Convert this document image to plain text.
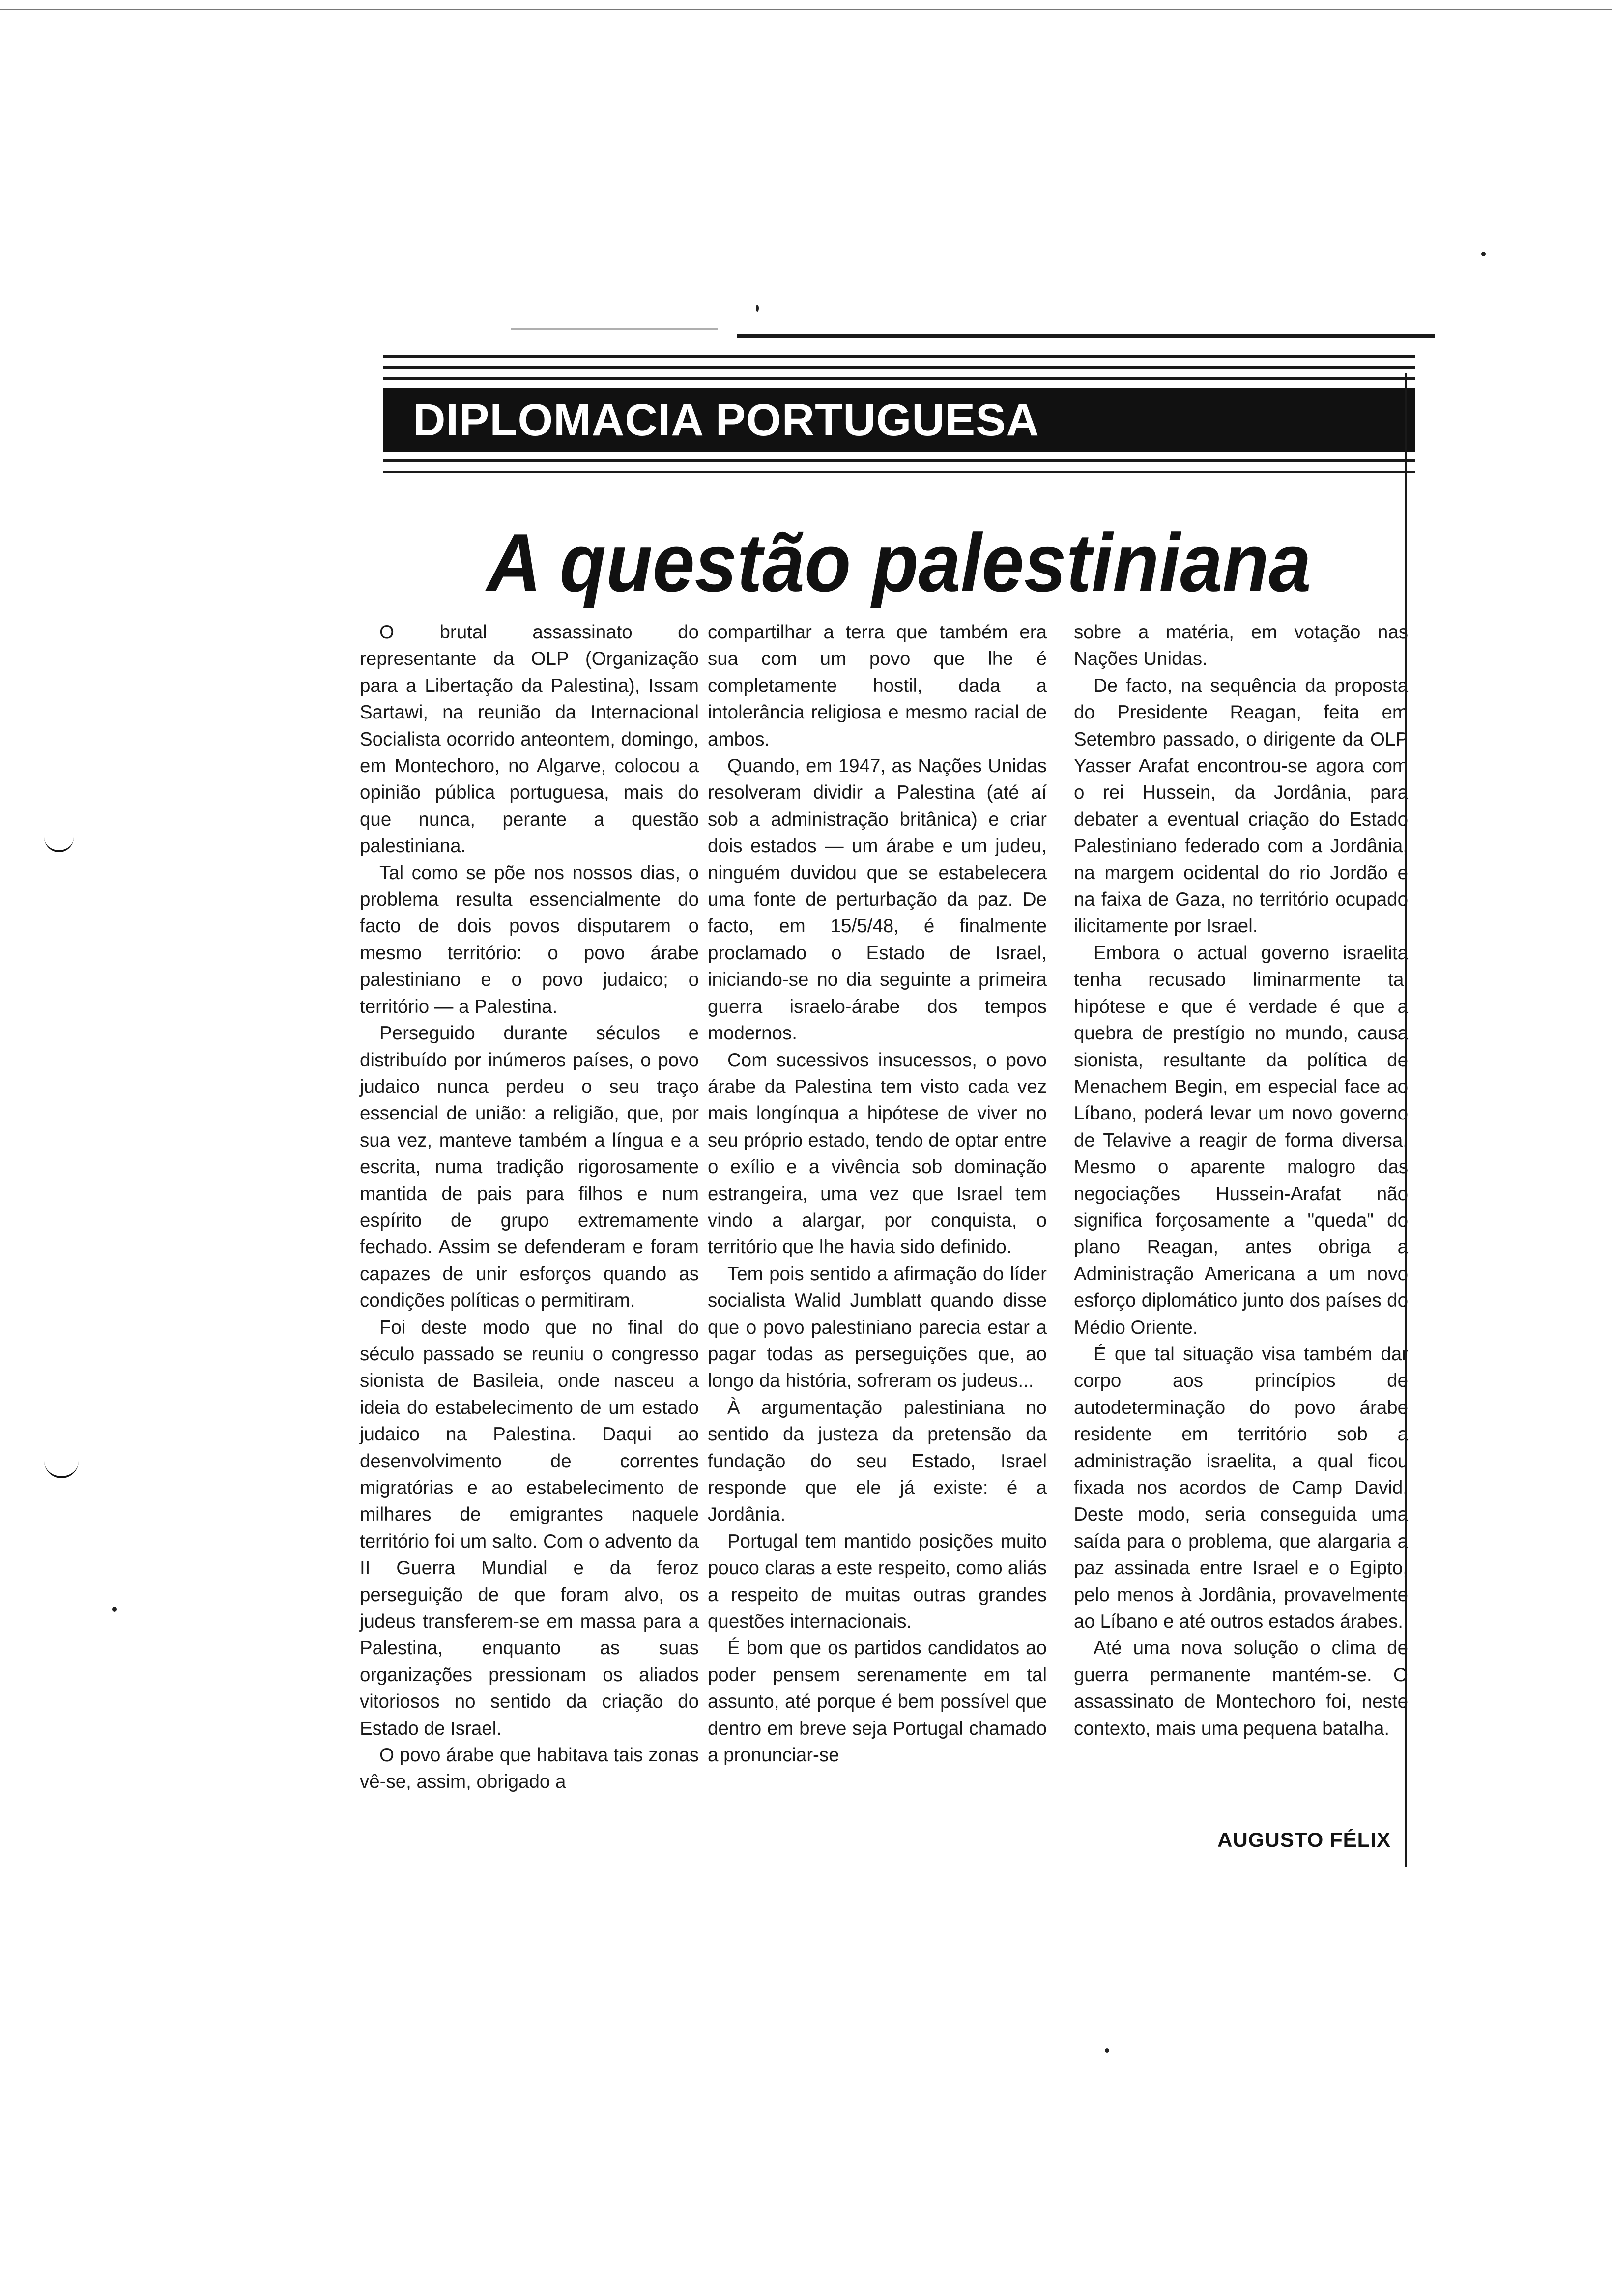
DIPLOMACIA PORTUGUESA
A questão palestiniana

O brutal assassinato do representante da OLP (Organização para a Libertação da Palestina), Issam Sartawi, na reunião da Internacional Socialista ocorrido anteontem, domingo, em Montechoro, no Algarve, colocou a opinião pública portuguesa, mais do que nunca, perante a questão palestiniana.

Tal como se põe nos nossos dias, o problema resulta essencialmente do facto de dois povos disputarem o mesmo território: o povo árabe palestiniano e o povo judaico; o território — a Palestina.

Perseguido durante séculos e distribuído por inúmeros países, o povo judaico nunca perdeu o seu traço essencial de união: a religião, que, por sua vez, manteve também a língua e a escrita, numa tradição rigorosamente mantida de pais para filhos e num espírito de grupo extremamente fechado. Assim se defenderam e foram capazes de unir esforços quando as condições políticas o permitiram.

Foi deste modo que no final do século passado se reuniu o congresso sionista de Basileia, onde nasceu a ideia do estabelecimento de um estado judaico na Palestina. Daqui ao desenvolvimento de correntes migratórias e ao estabelecimento de milhares de emigrantes naquele território foi um salto. Com o advento da II Guerra Mundial e da feroz perseguição de que foram alvo, os judeus transferem-se em massa para a Palestina, enquanto as suas organizações pressionam os aliados vitoriosos no sentido da criação do Estado de Israel.

O povo árabe que habitava tais zonas vê-se, assim, obrigado a

compartilhar a terra que também era sua com um povo que lhe é completamente hostil, dada a intolerância religiosa e mesmo racial de ambos.

Quando, em 1947, as Nações Unidas resolveram dividir a Palestina (até aí sob a administração britânica) e criar dois estados — um árabe e um judeu, ninguém duvidou que se estabelecera uma fonte de perturbação da paz. De facto, em 15/5/48, é finalmente proclamado o Estado de Israel, iniciando-se no dia seguinte a primeira guerra israelo-árabe dos tempos modernos.

Com sucessivos insucessos, o povo árabe da Palestina tem visto cada vez mais longínqua a hipótese de viver no seu próprio estado, tendo de optar entre o exílio e a vivência sob dominação estrangeira, uma vez que Israel tem vindo a alargar, por conquista, o território que lhe havia sido definido.

Tem pois sentido a afirmação do líder socialista Walid Jumblatt quando disse que o povo palestiniano parecia estar a pagar todas as perseguições que, ao longo da história, sofreram os judeus...

À argumentação palestiniana no sentido da justeza da pretensão da fundação do seu Estado, Israel responde que ele já existe: é a Jordânia.

Portugal tem mantido posições muito pouco claras a este respeito, como aliás a respeito de muitas outras grandes questões internacionais.

É bom que os partidos candidatos ao poder pensem serenamente em tal assunto, até porque é bem possível que dentro em breve seja Portugal chamado a pronunciar-se

sobre a matéria, em votação nas Nações Unidas.

De facto, na sequência da proposta do Presidente Reagan, feita em Setembro passado, o dirigente da OLP Yasser Arafat encontrou-se agora com o rei Hussein, da Jordânia, para debater a eventual criação do Estado Palestiniano federado com a Jordânia, na margem ocidental do rio Jordão e na faixa de Gaza, no território ocupado ilicitamente por Israel.

Embora o actual governo israelita tenha recusado liminarmente tal hipótese e que é verdade é que a quebra de prestígio no mundo, causa sionista, resultante da política de Menachem Begin, em especial face ao Líbano, poderá levar um novo governo de Telavive a reagir de forma diversa. Mesmo o aparente malogro das negociações Hussein-Arafat não significa forçosamente a "queda" do plano Reagan, antes obriga a Administração Americana a um novo esforço diplomático junto dos países do Médio Oriente.

É que tal situação visa também dar corpo aos princípios de autodeterminação do povo árabe residente em território sob a administração israelita, a qual ficou fixada nos acordos de Camp David. Deste modo, seria conseguida uma saída para o problema, que alargaria a paz assinada entre Israel e o Egipto, pelo menos à Jordânia, provavelmente ao Líbano e até outros estados árabes.

Até uma nova solução o clima de guerra permanente mantém-se. O assassinato de Montechoro foi, neste contexto, mais uma pequena batalha.

AUGUSTO FÉLIX
